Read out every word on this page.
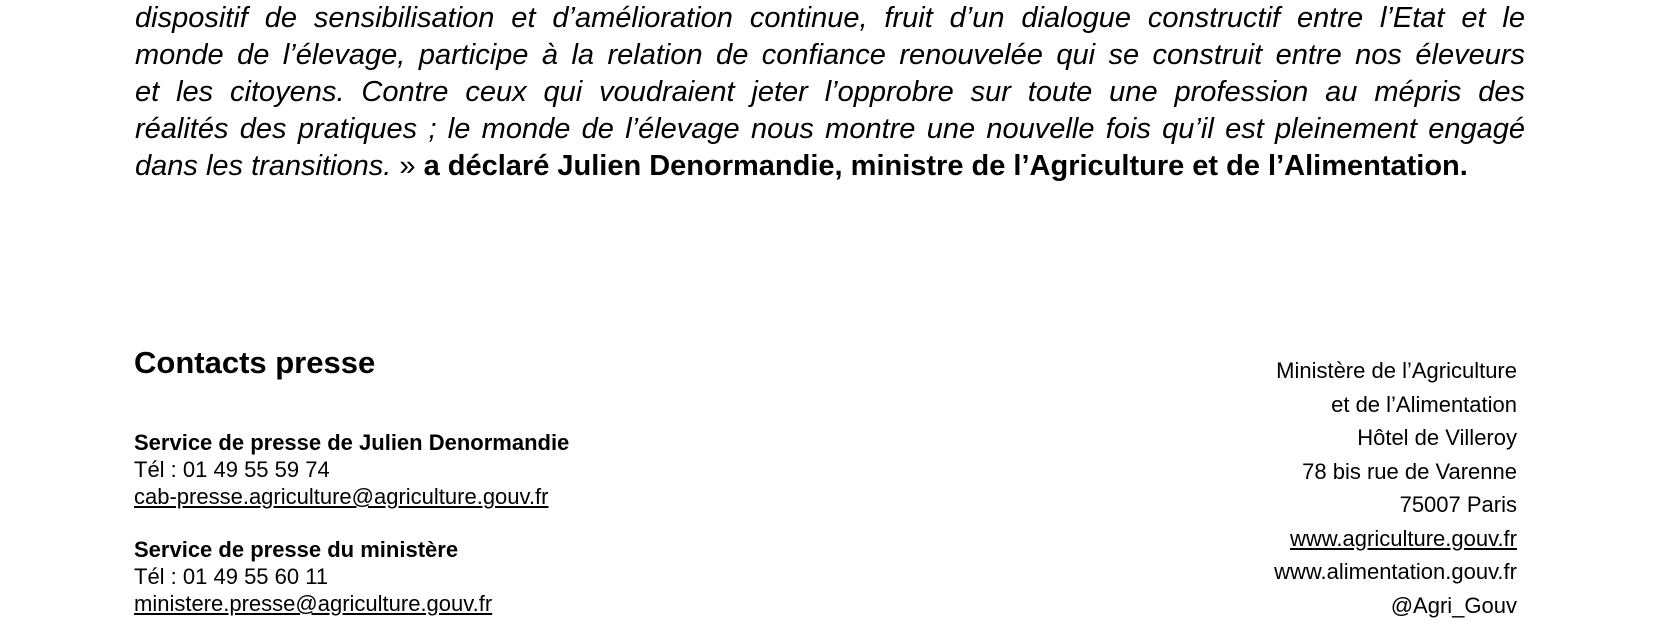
dispositif de sensibilisation et d’amélioration continue, fruit d’un dialogue constructif entre l’Etat et le
monde de l’élevage, participe à la relation de confiance renouvelée qui se construit entre nos éleveurs
et les citoyens. Contre ceux qui voudraient jeter l’opprobre sur toute une profession au mépris des
réalités des pratiques ; le monde de l’élevage nous montre une nouvelle fois qu’il est pleinement engagé
dans les transitions. » a déclaré Julien Denormandie, ministre de l’Agriculture et de l’Alimentation.
Contacts presse
Service de presse de Julien Denormandie
Tél : 01 49 55 59 74
cab-presse.agriculture@agriculture.gouv.fr
Service de presse du ministère
Tél : 01 49 55 60 11
ministere.presse@agriculture.gouv.fr
Ministère de l’Agriculture
et de l’Alimentation
Hôtel de Villeroy
78 bis rue de Varenne
75007 Paris
www.agriculture.gouv.fr
www.alimentation.gouv.fr
@Agri_Gouv
